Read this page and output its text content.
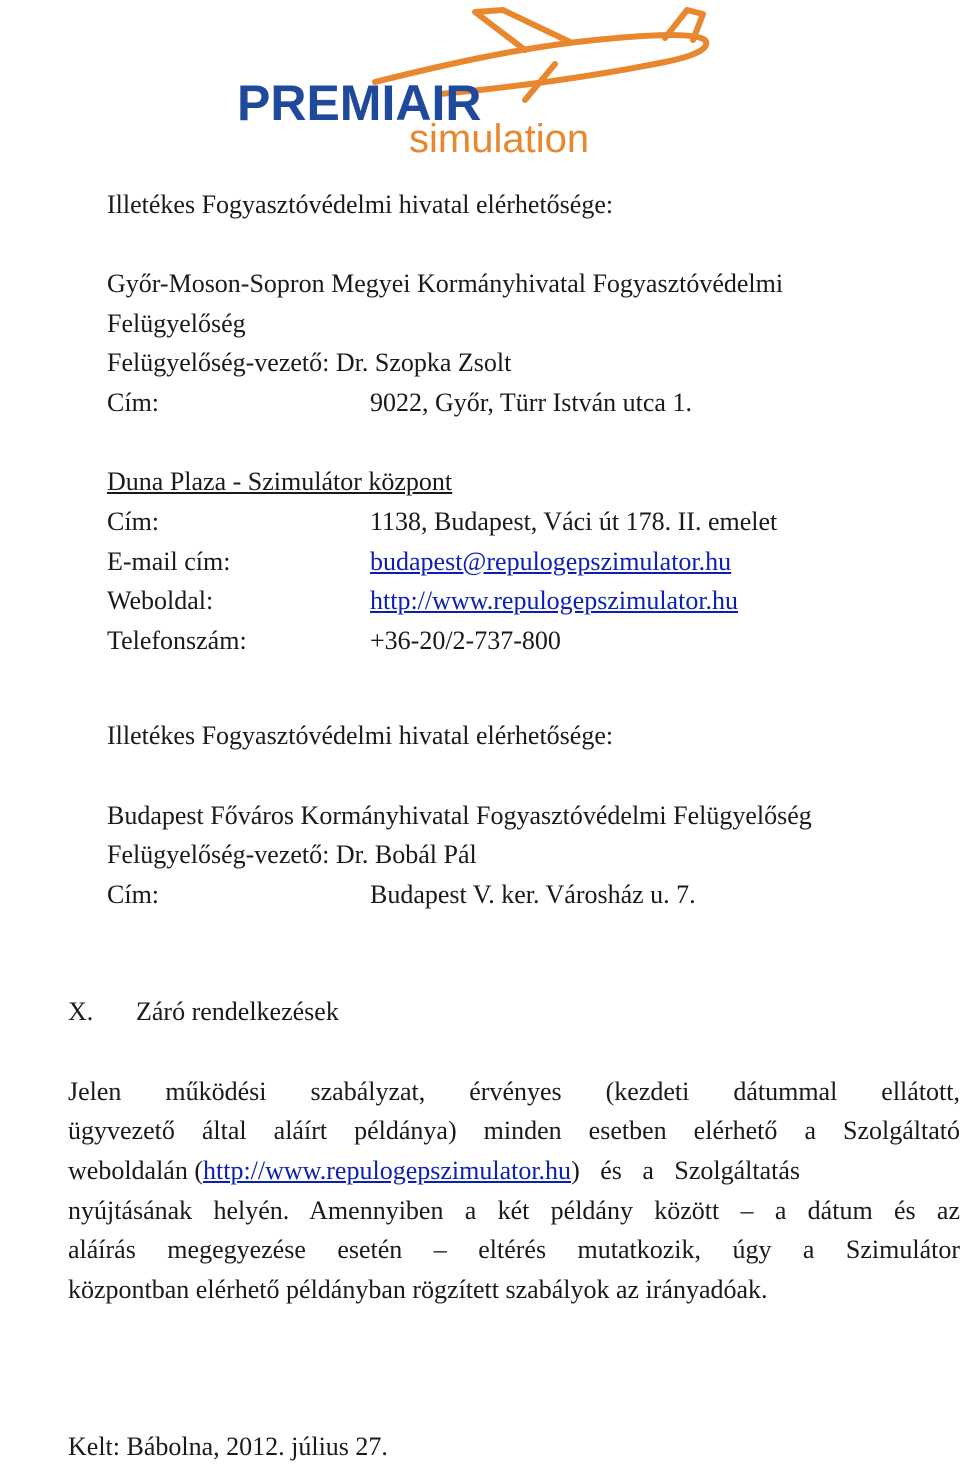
PREMIAIR
simulation
Illetékes Fogyasztóvédelmi hivatal elérhetősége:
Győr-Moson-Sopron Megyei Kormányhivatal Fogyasztóvédelmi
Felügyelőség
Felügyelőség-vezető: Dr. Szopka Zsolt
Cím:	9022, Győr, Türr István utca 1.
Duna Plaza - Szimulátor központ
Cím:	1138, Budapest, Váci út 178. II. emelet
E-mail cím:	budapest@repulogepszimulator.hu
Weboldal:	http://www.repulogepszimulator.hu
Telefonszám:	+36-20/2-737-800
Illetékes Fogyasztóvédelmi hivatal elérhetősége:
Budapest Főváros Kormányhivatal Fogyasztóvédelmi Felügyelőség
Felügyelőség-vezető: Dr. Bobál Pál
Cím:	Budapest V. ker. Városház u. 7.
X. Záró rendelkezések
Jelen működési szabályzat, érvényes (kezdeti dátummal ellátott,
ügyvezető által aláírt példánya) minden esetben elérhető a Szolgáltató
weboldalán (http://www.repulogepszimulator.hu) és a Szolgáltatás
nyújtásának helyén. Amennyiben a két példány között – a dátum és az
aláírás megegyezése esetén – eltérés mutatkozik, úgy a Szimulátor
központban elérhető példányban rögzített szabályok az irányadóak.
Kelt: Bábolna, 2012. július 27.
